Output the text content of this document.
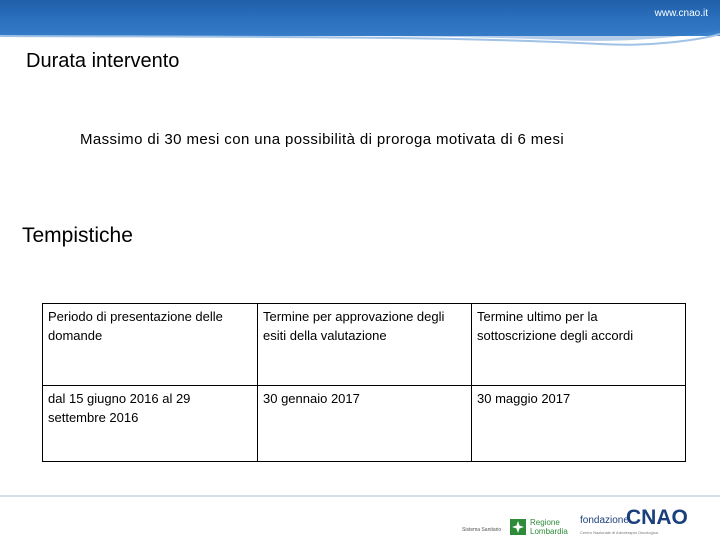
www.cnao.it
Durata intervento
Massimo di 30 mesi con una possibilità di proroga motivata di 6 mesi
Tempistiche
Periodo di presentazione delle domande	Termine per approvazione degli esiti della valutazione	Termine ultimo per la sottoscrizione degli accordi
dal 15 giugno 2016 al 29 settembre 2016	30 gennaio 2017	30 maggio 2017
Sistema Sanitario
Regione Lombardia
fondazione
CNAO
Centro Nazionale di Adroterapia Oncologica
